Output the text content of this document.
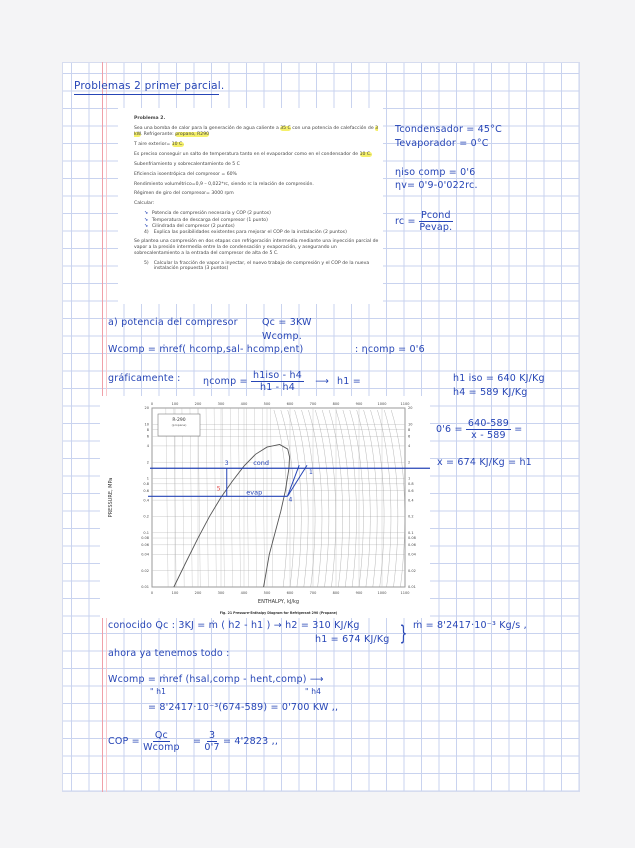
Problemas 2 primer parcial.

Problema 2.

Sea una bomba de calor para la generación de agua caliente a 35 C con una potencia de calefacción de 3 kW. Refrigerante: propano, R290

T aire exterior= 10 C.

Es preciso conseguir un salto de temperatura tanto en el evaporador como en el condensador de 10 C.

Subenfriamiento y sobrecalentamiento de 5 C

Eficiencia isoentrópica del compresor = 60%

Rendimiento volumétrico=0,9 – 0,022*rc, siendo rc la relación de compresión.

Régimen de giro del compresor= 3000 rpm

Calcular:

↘ Potencia de compresión necesaria y COP (2 puntos)
↘ Temperatura de descarga del compresor (1 punto)
↘ Cilindrada del compresor (2 puntos)
4) Explica las posibilidades existentes para mejorar el COP de la instalación (2 puntos)

Se plantea una compresión en dos etapas con refrigeración intermedia mediante una inyección parcial de vapor a la presión intermedia entre la de condensación y evaporación, y asegurando un sobrecalentamiento a la entrada del compresor de alta de 5 C.

5) Calcular la fracción de vapor a inyectar, el nuevo trabajo de compresión y el COP de la nueva instalación propuesta (3 puntos)

Tcondensador = 45°C
Tevaporador = 0°C
ηiso comp = 0'6
ηv= 0'9-0'022rc.
rc = $\frac{\text{Pcond}}{\text{Pevap.}}$
a) potencia del compresor	Qc = 3KW
Wcomp.
Wcomp = ṁref( hcomp,sal- hcomp,ent)	: ηcomp = 0'6
gráficamente : ηcomp = $\frac{\text{h1iso - h4}}{h1 - h4}$ ⟶ h1 =	h1 iso = 640 KJ/Kg
h4 = 589 KJ/Kg
$0'6 = \frac{640-589}{x - 589}$ =
x = 674 KJ/Kg = h1
0
0
100
100
200
200
300
300
400
400
500
500
600
600
700
700
800
800
900
900
1000
1000
1100
1100
0.01	0.01
0.02	0.02
0.04	0.04
0.06	0.06
0.08	0.08
0.1	0.1
0.2	0.2
0.4	0.4
0.6	0.6
0.8	0.8
1	1
2	2
4	4
6	6
8	8
10	10
20	20
R-290
(propane)
ENTHALPY, kJ/kg
PRESSURE, MPa
Fig. 21 Pressure-Enthalpy Diagram for Refrigerant 290 (Propane)
3
5
4
1
cond
evap
conocido Qc : 3KJ = ṁ ( h2 - h1 ) → h2 = 310 KJ/Kg
h1 = 674 KJ/Kg } ṁ = 8'2417·10⁻³ Kg/s ,
ahora ya tenemos todo :
Wcomp = ṁref (hsal,comp - hent,comp) ⟶
" h1	" h4
= 8'2417·10⁻³(674-589) = 0'700 KW ,,
COP = $\frac{Qc}{\text{Wcomp}} = \frac{3}{0'7} = 4'2823$ ,,
